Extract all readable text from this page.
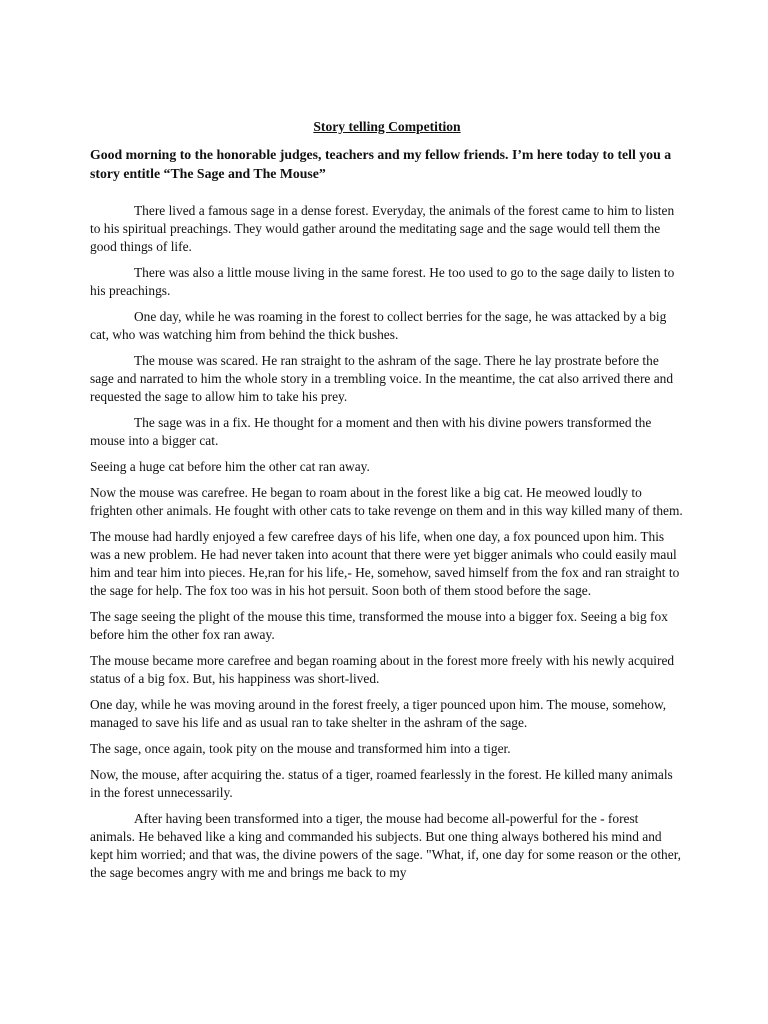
Story telling Competition

Good morning to the honorable judges, teachers and my fellow friends. I’m here today to tell you a story entitle “The Sage and The Mouse”

There lived a famous sage in a dense forest. Everyday, the animals of the forest came to him to listen to his spiritual preachings. They would gather around the meditating sage and the sage would tell them the good things of life.

There was also a little mouse living in the same forest. He too used to go to the sage daily to listen to his preachings.

One day, while he was roaming in the forest to collect berries for the sage, he was attacked by a big cat, who was watching him from behind the thick bushes.

The mouse was scared. He ran straight to the ashram of the sage. There he lay prostrate before the sage and narrated to him the whole story in a trembling voice. In the meantime, the cat also arrived there and requested the sage to allow him to take his prey.

The sage was in a fix. He thought for a moment and then with his divine powers transformed the mouse into a bigger cat.

Seeing a huge cat before him the other cat ran away.

Now the mouse was carefree. He began to roam about in the forest like a big cat. He meowed loudly to frighten other animals. He fought with other cats to take revenge on them and in this way killed many of them.

The mouse had hardly enjoyed a few carefree days of his life, when one day, a fox pounced upon him. This was a new problem. He had never taken into acount that there were yet bigger animals who could easily maul him and tear him into pieces. He,ran for his life,- He, somehow, saved himself from the fox and ran straight to the sage for help. The fox too was in his hot persuit. Soon both of them stood before the sage.

The sage seeing the plight of the mouse this time, transformed the mouse into a bigger fox. Seeing a big fox before him the other fox ran away.

The mouse became more carefree and began roaming about in the forest more freely with his newly acquired status of a big fox. But, his happiness was short-lived.

One day, while he was moving around in the forest freely, a tiger pounced upon him. The mouse, somehow, managed to save his life and as usual ran to take shelter in the ashram of the sage.

The sage, once again, took pity on the mouse and transformed him into a tiger.

Now, the mouse, after acquiring the. status of a tiger, roamed fearlessly in the forest. He killed many animals in the forest unnecessarily.

After having been transformed into a tiger, the mouse had become all-powerful for the - forest animals. He behaved like a king and commanded his subjects. But one thing always bothered his mind and kept him worried; and that was, the divine powers of the sage. "What, if, one day for some reason or the other, the sage becomes angry with me and brings me back to my
